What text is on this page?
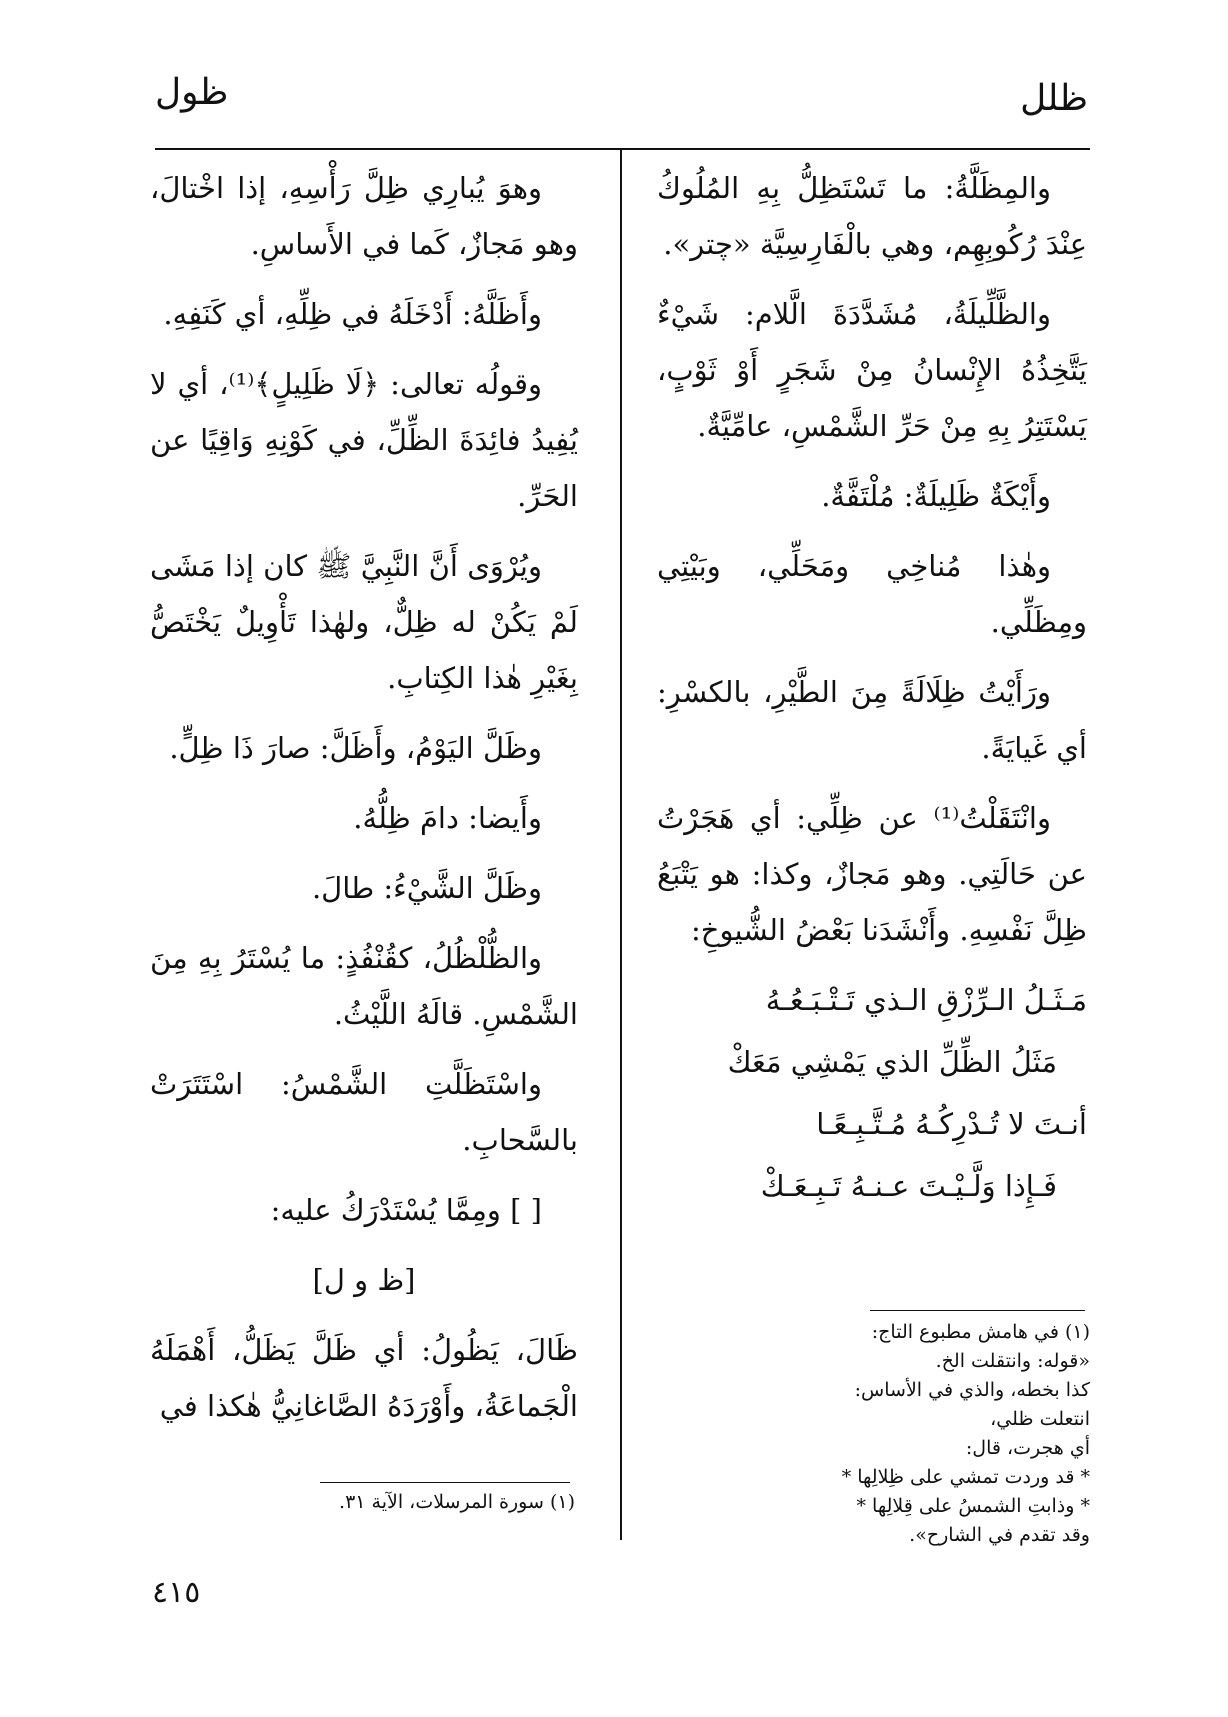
ظول	ظلل

والمِظَلَّةُ: ما تَسْتَظِلُّ بِهِ المُلُوكُ عِنْدَ رُكُوبِهِم، وهي بالْفَارِسِيَّة «چتر».

والظَّلِّيلَةُ، مُشَدَّدَةَ الَّلام: شَيْءٌ يَتَّخِذُهُ الإِنْسانُ مِنْ شَجَرٍ أَوْ ثَوْبٍ، يَسْتَتِرُ بِهِ مِنْ حَرِّ الشَّمْسِ، عامِّيَّةٌ.

وأَيْكَةٌ ظَلِيلَةٌ: مُلْتَفَّةٌ.

وهٰذا مُناخِي ومَحَلِّي، وبَيْتِي ومِظَلِّي.

ورَأَيْتُ ظِلَالَةً مِنَ الطَّيْرِ، بالكسْرِ: أي غَيايَةً.

وانْتَقَلْتُ⁽¹⁾ عن ظِلِّي: أي هَجَرْتُ عن حَالَتِي. وهو مَجازٌ، وكذا: هو يَتْبَعُ ظِلَّ نَفْسِهِ. وأَنْشَدَنا بَعْضُ الشُّيوخِ:

مَـثَـلُ الـرِّزْقِ الـذي تَـتْـبَـعُـهُ

مَثَلُ الظِّلِّ الذي يَمْشِي مَعَكْ

أنـتَ لا تُـدْرِكُـهُ مُـتَّـبِـعًـا

فَـإِذا وَلَّـيْـتَ عـنـهُ تَـبِـعَـكْ

(١) في هامش مطبوع التاج: «قوله: وانتقلت الخ.
كذا بخطه، والذي في الأساس: انتعلت ظلي،
أي هجرت، قال:
* قد وردت تمشي على ظِلالِها *
* وذابتِ الشمسُ على قِلالِها *
وقد تقدم في الشارح».

وهوَ يُبارِي ظِلَّ رَأْسِهِ، إذا اخْتالَ، وهو مَجازٌ، كَما في الأَساسِ.

وأَظَلَّهُ: أَدْخَلَهُ في ظِلِّهِ، أي كَنَفِهِ.

وقولُه تعالى: ﴿لَا ظَلِيلٍ﴾⁽¹⁾، أي لا يُفِيدُ فائِدَةَ الظِّلِّ، في كَوْنِهِ وَاقِيًا عن الحَرِّ.

ويُرْوَى أَنَّ النَّبِيَّ ﷺ كان إذا مَشَى لَمْ يَكُنْ له ظِلٌّ، ولهٰذا تَأْوِيلٌ يَخْتَصُّ بِغَيْرِ هٰذا الكِتابِ.

وظَلَّ اليَوْمُ، وأَظَلَّ: صارَ ذَا ظِلٍّ.

وأَيضا: دامَ ظِلُّهُ.

وظَلَّ الشَّيْءُ: طالَ.

والظُّلْظُلُ، كقُنْفُذٍ: ما يُسْتَرُ بِهِ مِنَ الشَّمْسِ. قالَهُ اللَّيْثُ.

واسْتَظَلَّتِ الشَّمْسُ: اسْتَتَرَتْ بالسَّحابِ.

[ ] ومِمَّا يُسْتَدْرَكُ عليه:

[ظ و ل]

ظَالَ، يَظُولُ: أي ظَلَّ يَظَلُّ، أَهْمَلَهُ الْجَماعَةُ، وأَوْرَدَهُ الصَّاغانِيُّ هٰكذا في

(١) سورة المرسلات، الآية ٣١.
٤١٥
